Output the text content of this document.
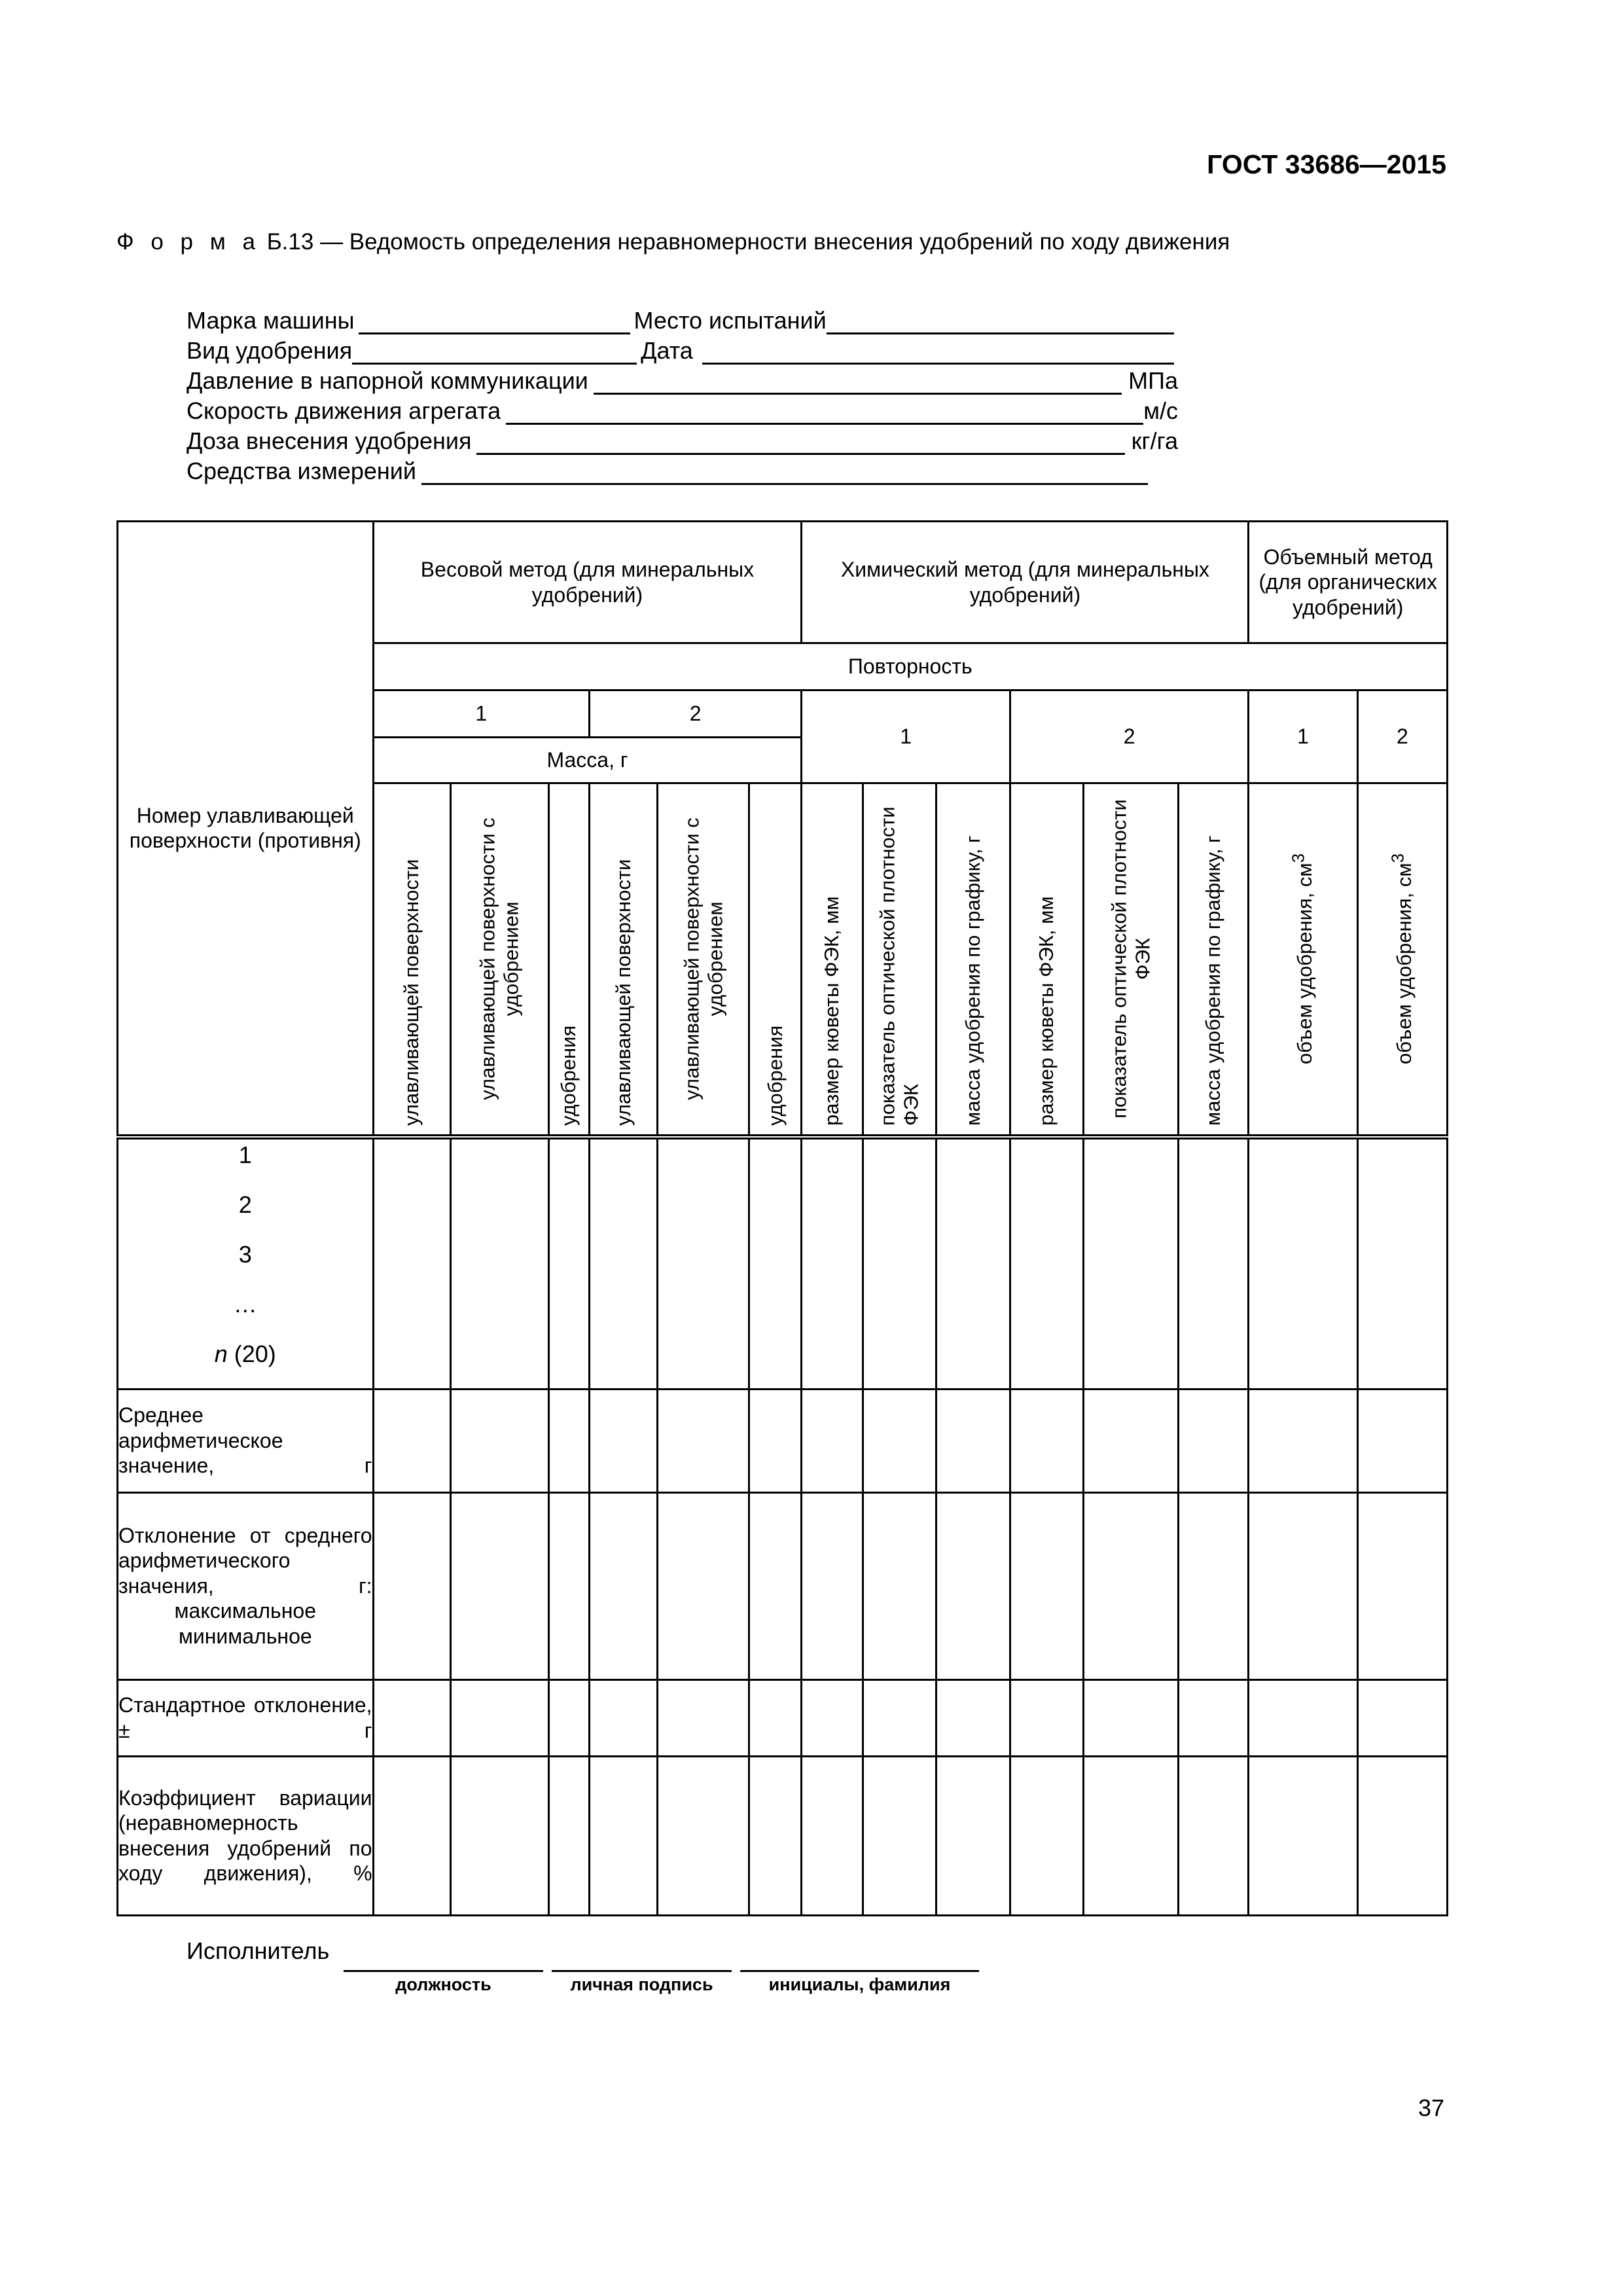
ГОСТ 33686—2015
Ф о р м а Б.13 — Ведомость определения неравномерности внесения удобрений по ходу движения
Марка машины	Место испытаний
Вид удобрения	Дата
Давление в напорной коммуникации	МПа
Скорость движения агрегата	м/с
Доза внесения удобрения	кг/га
Средства измерений
Номер улавливающей поверхности (противня)	Весовой метод (для минеральных удобрений)						Химический метод (для минеральных удобрений)						Объемный метод (для органических удобрений)	
	Повторность													
	1			2			1			2			1	2
	Масса, г													

	улавливающей поверхности	улавливающей поверхности с удобрением	удобрения	улавливающей поверхности	улавливающей поверхности с удобрением	удобрения	размер кюветы ФЭК, мм	показатель оптической плотности ФЭК	масса удобрения по графику, г	размер кюветы ФЭК, мм	показатель оптической плотности ФЭК	масса удобрения по графику, г	объем удобрения, $см^3$	объем удобрения, $см^3$

1
2
3
…
n (20)														

Среднее арифметическое значение, г														

Отклонение от среднего арифметического значения, г:
максимальное
минимальное														

Стандартное отклонение, ± г														

Коэффициент вариации (неравномерность внесения удобрений по ходу движения), %														

Исполнитель
должность	личная подпись	инициалы, фамилия
37
